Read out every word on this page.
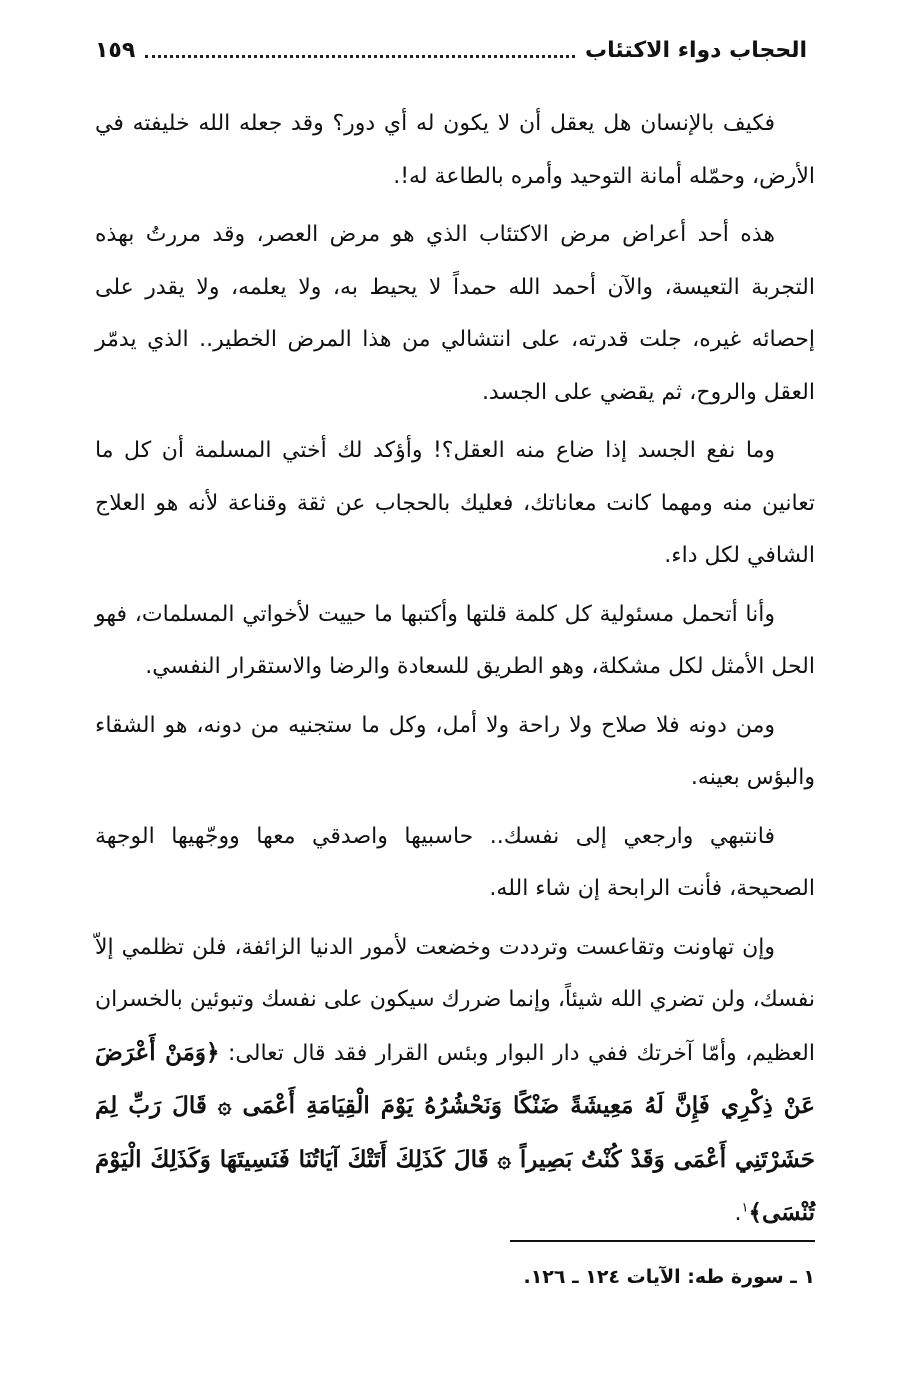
الحجاب دواء الاكتئاب
١٥٩

فكيف بالإنسان هل يعقل أن لا يكون له أي دور؟ وقد جعله الله خليفته في الأرض، وحمّله أمانة التوحيد وأمره بالطاعة له!.

هذه أحد أعراض مرض الاكتئاب الذي هو مرض العصر، وقد مررتُ بهذه التجربة التعيسة، والآن أحمد الله حمداً لا يحيط به، ولا يعلمه، ولا يقدر على إحصائه غيره، جلت قدرته، على انتشالي من هذا المرض الخطير.. الذي يدمّر العقل والروح، ثم يقضي على الجسد.

وما نفع الجسد إذا ضاع منه العقل؟! وأؤكد لك أختي المسلمة أن كل ما تعانين منه ومهما كانت معاناتك، فعليك بالحجاب عن ثقة وقناعة لأنه هو العلاج الشافي لكل داء.

وأنا أتحمل مسئولية كل كلمة قلتها وأكتبها ما حييت لأخواتي المسلمات، فهو الحل الأمثل لكل مشكلة، وهو الطريق للسعادة والرضا والاستقرار النفسي.

ومن دونه فلا صلاح ولا راحة ولا أمل، وكل ما ستجنيه من دونه، هو الشقاء والبؤس بعينه.

فانتبهي وارجعي إلى نفسك.. حاسبيها واصدقي معها ووجّهيها الوجهة الصحيحة، فأنت الرابحة إن شاء الله.

وإن تهاونت وتقاعست وترددت وخضعت لأمور الدنيا الزائفة، فلن تظلمي إلاّ نفسك، ولن تضري الله شيئاً، وإنما ضررك سيكون على نفسك وتبوئين بالخسران العظيم، وأمّا آخرتك ففي دار البوار وبئس القرار فقد قال تعالى: ﴿وَمَنْ أَعْرَضَ عَنْ ذِكْرِي فَإِنَّ لَهُ مَعِيشَةً ضَنْكًا وَنَحْشُرُهُ يَوْمَ الْقِيَامَةِ أَعْمَى ۞ قَالَ رَبِّ لِمَ حَشَرْتَنِي أَعْمَى وَقَدْ كُنْتُ بَصِيراً ۞ قَالَ كَذَلِكَ أَتَتْكَ آيَاتُنَا فَنَسِيتَهَا وَكَذَلِكَ الْيَوْمَ تُنْسَى﴾$^١$.

١ ـ سورة طه: الآيات ١٢٤ ـ ١٢٦.
